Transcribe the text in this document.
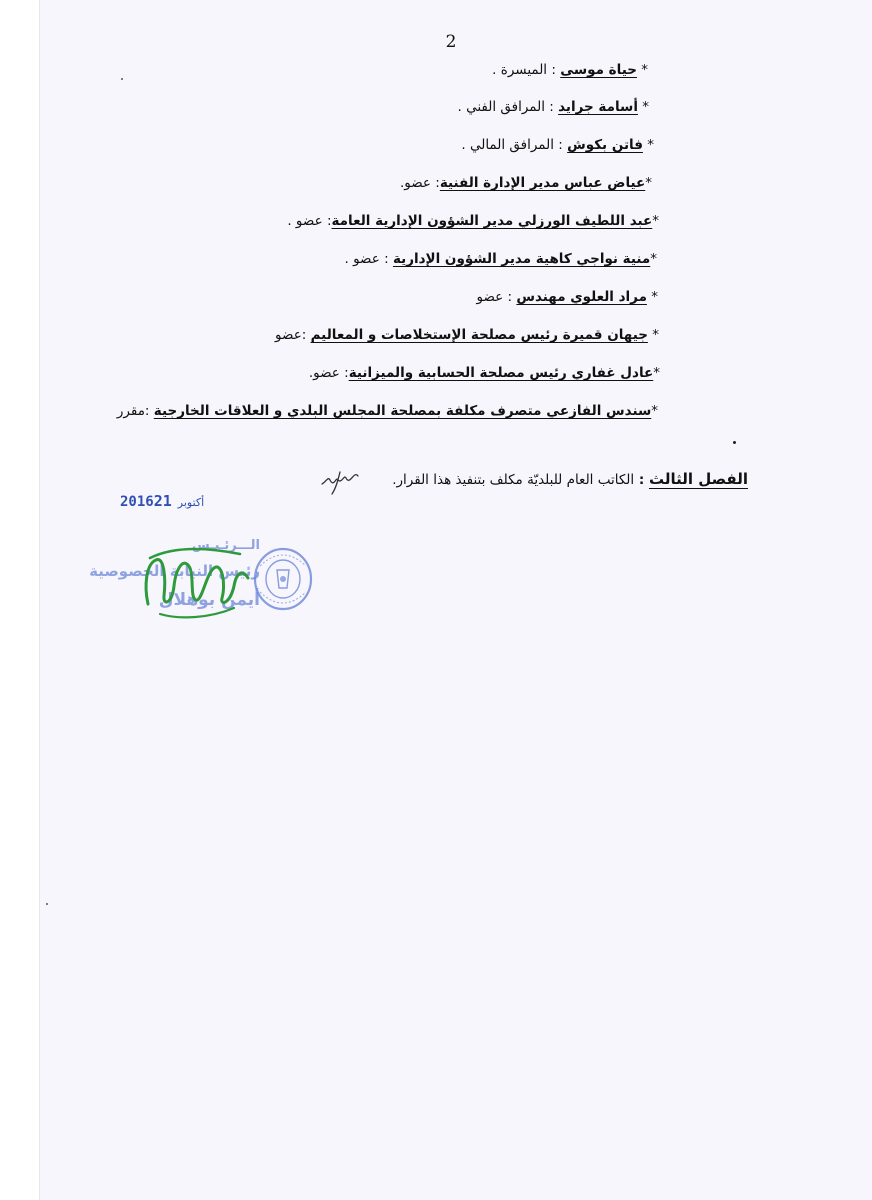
2
* حياة موسى : الميسرة .
* أسامة جرايد : المرافق الفني .
* فاتن بكوش : المرافق المالي .
*عياض عباس مدير الإدارة الفنية: عضو.
*عبد اللطيف الورزلي مدير الشؤون الإدارية العامة: عضو .
*منية نواجي كاهية مدير الشؤون الإدارية : عضو .
* مراد العلوي مهندس : عضو
* جيهان قميرة رئيس مصلحة الإستخلاصات و المعاليم :عضو
*عادل غفاري رئيس مصلحة الحسابية والميزانية: عضو.
*سندس الفازعي متصرف مكلفة بمصلحة المجلس البلدي و العلاقات الخارجية :مقرر
الفصل الثالث : الكاتب العام للبلديّة مكلف بتنفيذ هذا القرار.
2016 أكتوبر21
الـــرئـيـس
رئيس النيابة الخصوصية
أيمن بوهلال
